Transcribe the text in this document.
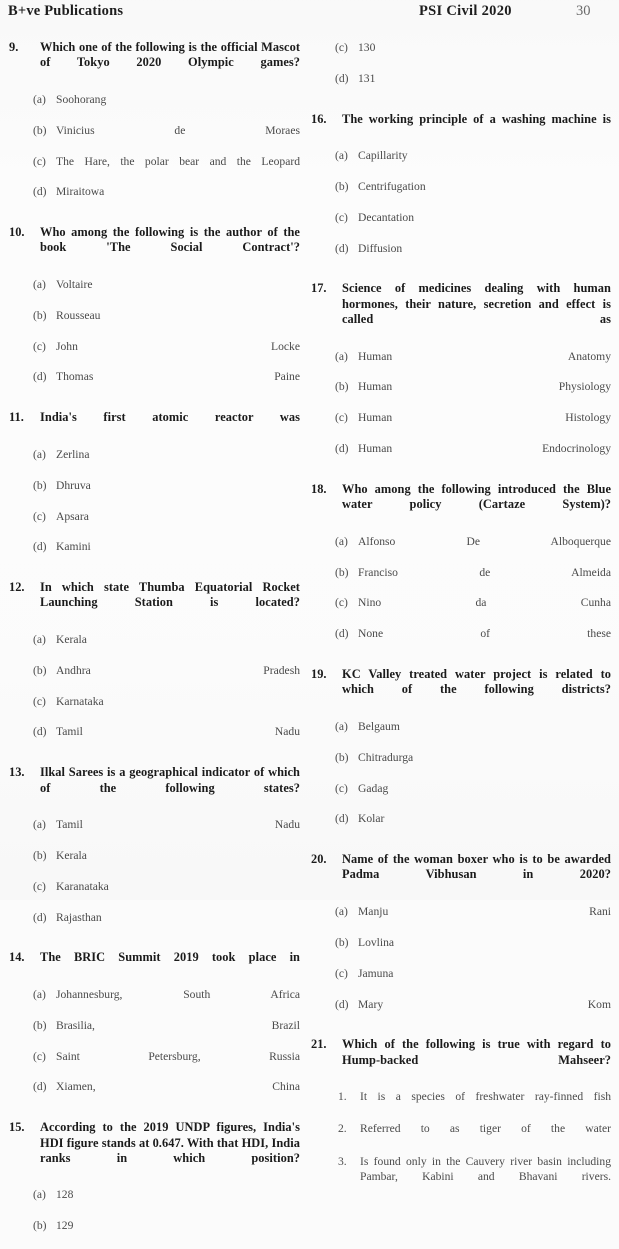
B+ve Publications	PSI Civil 2020	30
9.	Which one of the following is the official Mascot of Tokyo 2020 Olympic games?
(a) Soohorang
(b) Vinicius de Moraes
(c) The Hare, the polar bear and the Leopard
(d) Miraitowa
10.	Who among the following is the author of the book 'The Social Contract'?
(a) Voltaire
(b) Rousseau
(c) John Locke
(d) Thomas Paine
11.	India's first atomic reactor was
(a) Zerlina
(b) Dhruva
(c) Apsara
(d) Kamini
12.	In which state Thumba Equatorial Rocket Launching Station is located?
(a) Kerala
(b) Andhra Pradesh
(c) Karnataka
(d) Tamil Nadu
13.	Ilkal Sarees is a geographical indicator of which of the following states?
(a) Tamil Nadu
(b) Kerala
(c) Karanataka
(d) Rajasthan
14.	The BRIC Summit 2019 took place in
(a) Johannesburg, South Africa
(b) Brasilia, Brazil
(c) Saint Petersburg, Russia
(d) Xiamen, China
15.	According to the 2019 UNDP figures, India's HDI figure stands at 0.647. With that HDI, India ranks in which position?
(a) 128
(b) 129
(c) 130
(d) 131
16.	The working principle of a washing machine is
(a) Capillarity
(b) Centrifugation
(c) Decantation
(d) Diffusion
17.	Science of medicines dealing with human hormones, their nature, secretion and effect is called as
(a) Human Anatomy
(b) Human Physiology
(c) Human Histology
(d) Human Endocrinology
18.	Who among the following introduced the Blue water policy (Cartaze System)?
(a) Alfonso De Alboquerque
(b) Franciso de Almeida
(c) Nino da Cunha
(d) None of these
19.	KC Valley treated water project is related to which of the following districts?
(a) Belgaum
(b) Chitradurga
(c) Gadag
(d) Kolar
20.	Name of the woman boxer who is to be awarded Padma Vibhusan in 2020?
(a) Manju Rani
(b) Lovlina
(c) Jamuna
(d) Mary Kom
21.	Which of the following is true with regard to Hump-backed Mahseer?
1.	It is a species of freshwater ray-finned fish
2.	Referred to as tiger of the water
3.	Is found only in the Cauvery river basin including Pambar, Kabini and Bhavani rivers.
